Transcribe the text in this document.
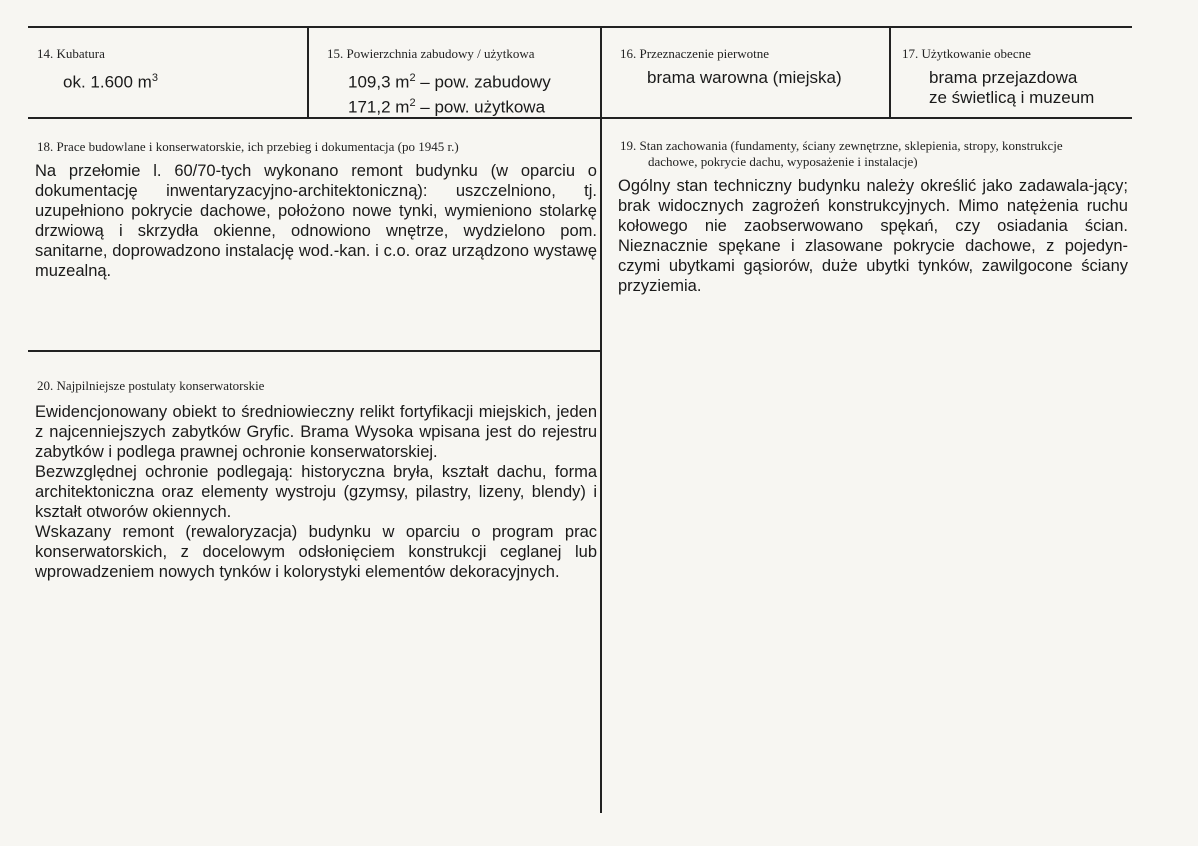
14. Kubatura
ok. 1.600 $m^3$
15. Powierzchnia zabudowy / użytkowa
109,3 $m^2$ – pow. zabudowy
171,2 $m^2$ – pow. użytkowa
16. Przeznaczenie pierwotne
brama warowna (miejska)
17. Użytkowanie obecne
brama przejazdowa
ze świetlicą i muzeum
18. Prace budowlane i konserwatorskie, ich przebieg i dokumentacja (po 1945 r.)
Na przełomie l. 60/70-tych wykonano remont budynku (w oparciu o dokumentację inwentaryzacyjno-architektoniczną): uszczelniono, tj. uzupełniono pokrycie dachowe, położono nowe tynki, wymieniono stolarkę drzwiową i skrzydła okienne, odnowiono wnętrze, wydzielono pom. sanitarne, doprowadzono instalację wod.-kan. i c.o. oraz urządzono wystawę muzealną.
19. Stan zachowania (fundamenty, ściany zewnętrzne, sklepienia, stropy, konstrukcje
dachowe, pokrycie dachu, wyposażenie i instalacje)
Ogólny stan techniczny budynku należy określić jako zadawala-jący; brak widocznych zagrożeń konstrukcyjnych. Mimo natężenia ruchu kołowego nie zaobserwowano spękań, czy osiadania ścian. Nieznacznie spękane i zlasowane pokrycie dachowe, z pojedyn-czymi ubytkami gąsiorów, duże ubytki tynków, zawilgocone ściany przyziemia.
20. Najpilniejsze postulaty konserwatorskie
Ewidencjonowany obiekt to średniowieczny relikt fortyfikacji miejskich, jeden z najcenniejszych zabytków Gryfic. Brama Wysoka wpisana jest do rejestru zabytków i podlega prawnej ochronie konserwatorskiej.
Bezwzględnej ochronie podlegają: historyczna bryła, kształt dachu, forma architektoniczna oraz elementy wystroju (gzymsy, pilastry, lizeny, blendy) i kształt otworów okiennych.
Wskazany remont (rewaloryzacja) budynku w oparciu o program prac konserwatorskich, z docelowym odsłonięciem konstrukcji ceglanej lub wprowadzeniem nowych tynków i kolorystyki elementów dekoracyjnych.
